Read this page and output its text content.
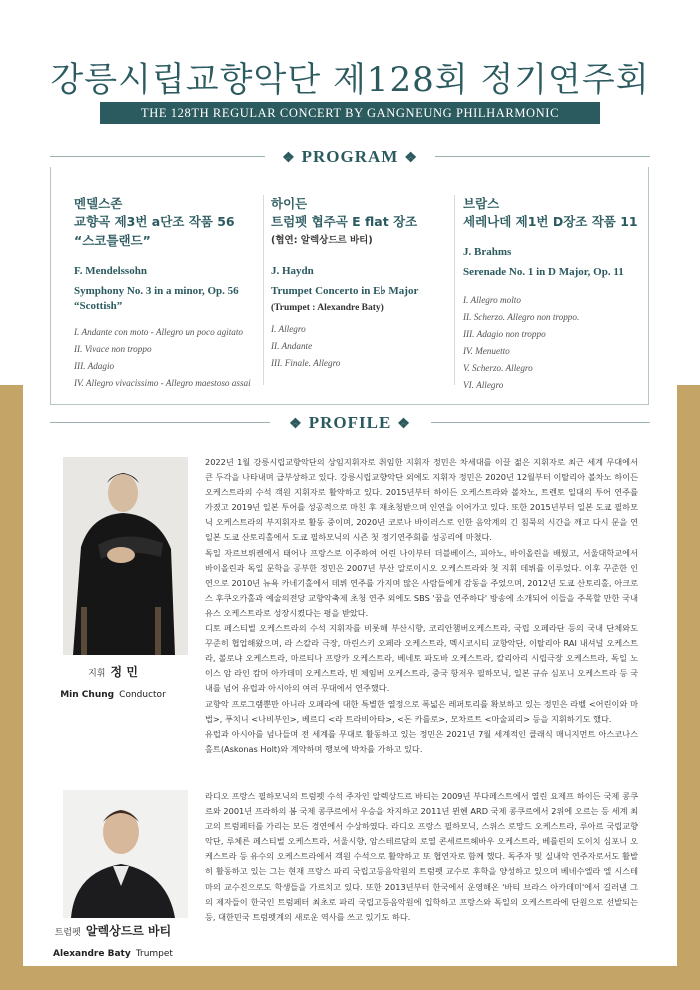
강릉시립교향악단 제128회 정기연주회
THE 128TH REGULAR CONCERT BY GANGNEUNG PHILHARMONIC ORCHESTRA
❖ PROGRAM ❖
멘델스존
교향곡 제3번 a단조 작품 56
“스코틀랜드”
F. Mendelssohn
Symphony No. 3 in a minor, Op. 56
“Scottish”
I. Andante con moto - Allegro un poco agitato
II. Vivace non troppo
III. Adagio
IV. Allegro vivacissimo - Allegro maestoso assai
하이든
트럼펫 협주곡 E flat 장조
(협연: 알렉상드르 바티)
J. Haydn
Trumpet Concerto in E♭ Major
(Trumpet : Alexandre Baty)
I. Allegro
II. Andante
III. Finale. Allegro
브람스
세레나데 제1번 D장조 작품 11
J. Brahms
Serenade No. 1 in D Major, Op. 11
I. Allegro molto
II. Scherzo. Allegro non troppo.
III. Adagio non troppo
IV. Menuetto
V. Scherzo. Allegro
VI. Allegro
❖ PROFILE ❖
지휘 정 민
Min Chung Conductor

2022년 1월 강릉시립교향악단의 상임지휘자로 취임한 지휘자 정민은 차세대를 이끌 젊은 지휘자로 최근 세계 무대에서 큰 두각을 나타내며 급부상하고 있다. 강릉시립교향악단 외에도 지휘자 정민은 2020년 12월부터 이탈리아 볼차노 하이든 오케스트라의 수석 객원 지휘자로 활약하고 있다. 2015년부터 하이든 오케스트라와 볼차노, 트렌토 일대의 투어 연주를 가졌고 2019년 일본 투어를 성공적으로 마친 후 재초청받으며 인연을 이어가고 있다. 또한 2015년부터 일본 도쿄 필하모닉 오케스트라의 부지휘자로 활동 중이며, 2020년 코로나 바이러스로 인한 음악계의 긴 침묵의 시간을 깨고 다시 문을 연 일본 도쿄 산토리홀에서 도쿄 필하모닉의 시즌 첫 정기연주회를 성공리에 마쳤다.

독일 자르브뤼켄에서 태어나 프랑스로 이주하여 어린 나이부터 더블베이스, 피아노, 바이올린을 배웠고, 서울대학교에서 바이올린과 독일 문학을 공부한 정민은 2007년 부산 알로이시오 오케스트라와 첫 지휘 데뷔를 이루었다. 이후 꾸준한 인연으로 2010년 뉴욕 카네기홀에서 데뷔 연주를 가지며 많은 사람들에게 감동을 주었으며, 2012년 도쿄 산토리홀, 아크로스 후쿠오카홀과 예술의전당 교향악축제 초청 연주 외에도 SBS '꿈을 연주하다' 방송에 소개되어 이들을 주목할 만한 국내 유스 오케스트라로 성장시켰다는 평을 받았다.

디토 페스티벌 오케스트라의 수석 지휘자를 비롯해 부산시향, 코리안챔버오케스트라, 국립 오페라단 등의 국내 단체와도 꾸준히 협업해왔으며, 라 스칼라 극장, 마린스키 오페라 오케스트라, 멕시코시티 교향악단, 이탈리아 RAI 내셔널 오케스트라, 볼로냐 오케스트라, 마르티나 프랑카 오케스트라, 베네토 파도바 오케스트라, 칼리아리 시립극장 오케스트라, 독일 노이스 암 라인 캄머 아카데미 오케스트라, 빈 체임버 오케스트라, 중국 항저우 필하모닉, 일본 규슈 심포니 오케스트라 등 국내를 넘어 유럽과 아시아의 여러 무대에서 연주했다.

교향악 프로그램뿐만 아니라 오페라에 대한 특별한 열정으로 폭넓은 레퍼토리를 확보하고 있는 정민은 라벨 <어린이와 마법>, 푸치니 <나비부인>, 베르디 <라 트라비아타>, <돈 카를로>, 모차르트 <마술피리> 등을 지휘하기도 했다.

유럽과 아시아를 넘나들며 전 세계를 무대로 활동하고 있는 정민은 2021년 7월 세계적인 클래식 매니지먼트 아스코나스 홀트(Askonas Holt)와 계약하며 행보에 박차를 가하고 있다.

트럼펫 알렉상드르 바티
Alexandre Baty Trumpet

라디오 프랑스 필하모닉의 트럼펫 수석 주자인 알렉상드르 바티는 2009년 부다페스트에서 열린 요제프 하이든 국제 콩쿠르와 2001년 프라하의 봄 국제 콩쿠르에서 우승을 차지하고 2011년 뮌헨 ARD 국제 콩쿠르에서 2위에 오르는 등 세계 최고의 트럼페터를 가리는 모든 경연에서 수상하였다. 라디오 프랑스 필하모닉, 스위스 로망드 오케스트라, 루아르 국립교향악단, 루체른 페스티벌 오케스트라, 서울시향, 암스테르담의 로열 콘세르트헤바우 오케스트라, 베를린의 도이치 심포니 오케스트라 등 유수의 오케스트라에서 객원 수석으로 활약하고 또 협연자로 함께 했다. 독주자 및 실내악 연주자로서도 활발히 활동하고 있는 그는 현재 프랑스 파리 국립고등음악원의 트럼펫 교수로 후학을 양성하고 있으며 베네수엘라 엘 시스테마의 교수진으로도 학생들을 가르치고 있다. 또한 2013년부터 한국에서 운영해온 '바티 브라스 아카데미'에서 길러낸 그의 제자들이 한국인 트럼페터 최초로 파리 국립고등음악원에 입학하고 프랑스와 독일의 오케스트라에 단원으로 선발되는 등, 대한민국 트럼펫계의 새로운 역사를 쓰고 있기도 하다.
